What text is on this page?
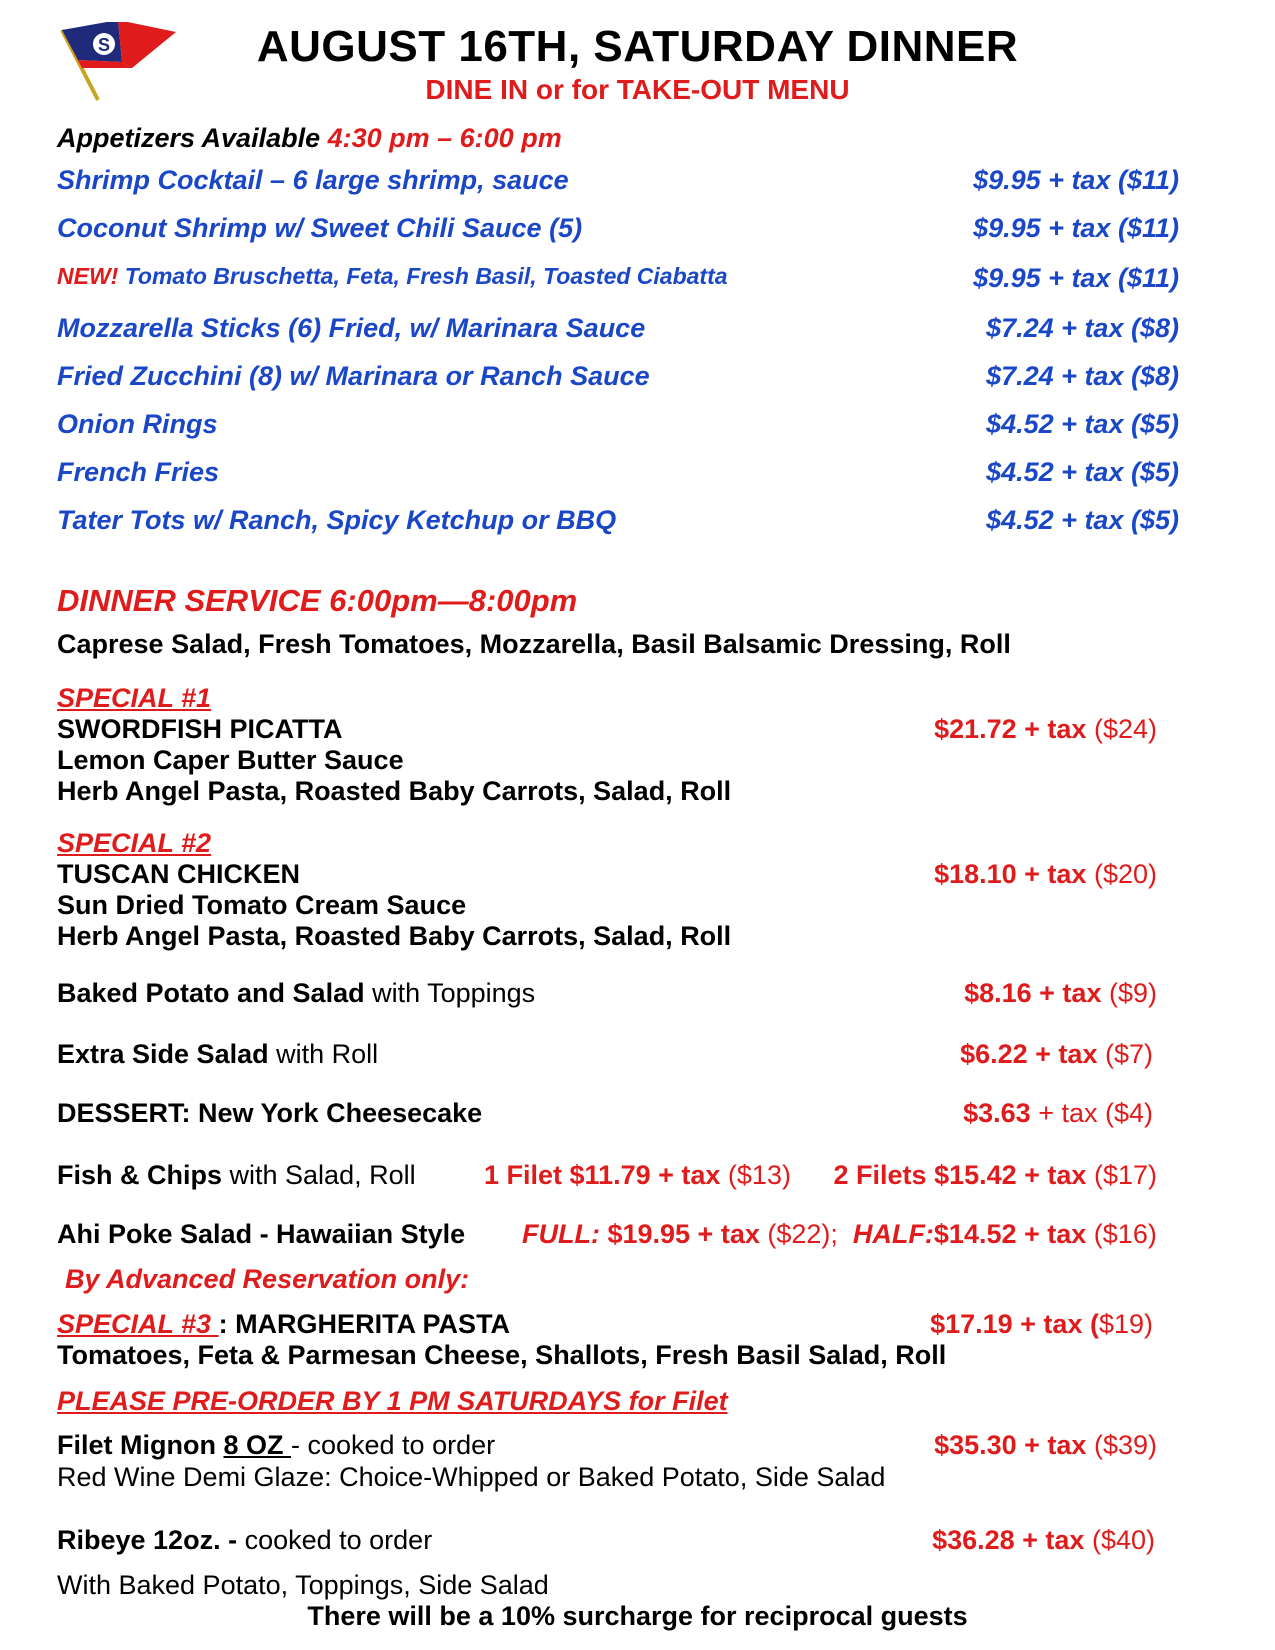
S	AUGUST 16TH, SATURDAY DINNER
DINE IN or for TAKE-OUT MENU
Appetizers Available 4:30 pm – 6:00 pm
Shrimp Cocktail – 6 large shrimp, sauce	$9.95 + tax ($11)
Coconut Shrimp w/ Sweet Chili Sauce (5)	$9.95 + tax ($11)
NEW! Tomato Bruschetta, Feta, Fresh Basil, Toasted Ciabatta	$9.95 + tax ($11)
Mozzarella Sticks (6) Fried, w/ Marinara Sauce	$7.24 + tax ($8)
Fried Zucchini (8) w/ Marinara or Ranch Sauce	$7.24 + tax ($8)
Onion Rings	$4.52 + tax ($5)
French Fries	$4.52 + tax ($5)
Tater Tots w/ Ranch, Spicy Ketchup or BBQ	$4.52 + tax ($5)
DINNER SERVICE 6:00pm—8:00pm
Caprese Salad, Fresh Tomatoes, Mozzarella, Basil Balsamic Dressing, Roll
SPECIAL #1
SWORDFISH PICATTA	$21.72 + tax ($24)
Lemon Caper Butter Sauce
Herb Angel Pasta, Roasted Baby Carrots, Salad, Roll
SPECIAL #2
TUSCAN CHICKEN	$18.10 + tax ($20)
Sun Dried Tomato Cream Sauce
Herb Angel Pasta, Roasted Baby Carrots, Salad, Roll
Baked Potato and Salad with Toppings	$8.16 + tax ($9)
Extra Side Salad with Roll	$6.22 + tax ($7)
DESSERT: New York Cheesecake	$3.63 + tax ($4)
Fish & Chips with Salad, Roll	1 Filet $11.79 + tax ($13) 2 Filets $15.42 + tax ($17)
Ahi Poke Salad - Hawaiian Style FULL: $19.95 + tax ($22); HALF:$14.52 + tax ($16)
By Advanced Reservation only:
SPECIAL #3 : MARGHERITA PASTA	$17.19 + tax ($19)
Tomatoes, Feta & Parmesan Cheese, Shallots, Fresh Basil Salad, Roll
PLEASE PRE-ORDER BY 1 PM SATURDAYS for Filet
Filet Mignon 8 OZ - cooked to order	$35.30 + tax ($39)
Red Wine Demi Glaze: Choice-Whipped or Baked Potato, Side Salad
Ribeye 12oz. - cooked to order	$36.28 + tax ($40)
With Baked Potato, Toppings, Side Salad
There will be a 10% surcharge for reciprocal guests
